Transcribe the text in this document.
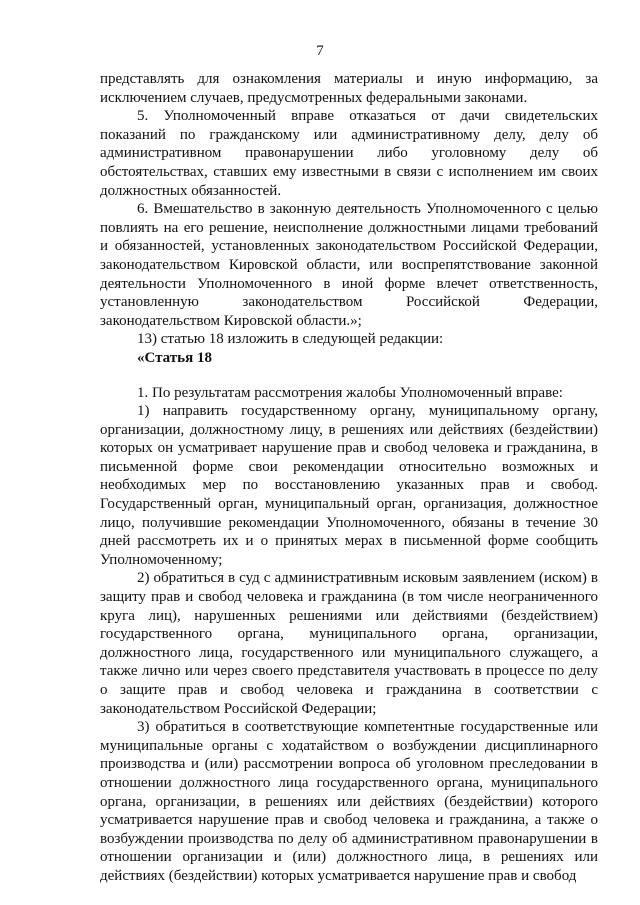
7

представлять для ознакомления материалы и иную информацию, за исключением случаев, предусмотренных федеральными законами.

5. Уполномоченный вправе отказаться от дачи свидетельских показаний по гражданскому или административному делу, делу об административном правонарушении либо уголовному делу об обстоятельствах, ставших ему известными в связи с исполнением им своих должностных обязанностей.

6. Вмешательство в законную деятельность Уполномоченного с целью повлиять на его решение, неисполнение должностными лицами требований и обязанностей, установленных законодательством Российской Федерации, законодательством Кировской области, или воспрепятствование законной деятельности Уполномоченного в иной форме влечет ответственность, установленную законодательством Российской Федерации, законодательством Кировской области.»;

13) статью 18 изложить в следующей редакции:

«Статья 18

1. По результатам рассмотрения жалобы Уполномоченный вправе:

1) направить государственному органу, муниципальному органу, организации, должностному лицу, в решениях или действиях (бездействии) которых он усматривает нарушение прав и свобод человека и гражданина, в письменной форме свои рекомендации относительно возможных и необходимых мер по восстановлению указанных прав и свобод. Государственный орган, муниципальный орган, организация, должностное лицо, получившие рекомендации Уполномоченного, обязаны в течение 30 дней рассмотреть их и о принятых мерах в письменной форме сообщить Уполномоченному;

2) обратиться в суд с административным исковым заявлением (иском) в защиту прав и свобод человека и гражданина (в том числе неограниченного круга лиц), нарушенных решениями или действиями (бездействием) государственного органа, муниципального органа, организации, должностного лица, государственного или муниципального служащего, а также лично или через своего представителя участвовать в процессе по делу о защите прав и свобод человека и гражданина в соответствии с законодательством Российской Федерации;

3) обратиться в соответствующие компетентные государственные или муниципальные органы с ходатайством о возбуждении дисциплинарного производства и (или) рассмотрении вопроса об уголовном преследовании в отношении должностного лица государственного органа, муниципального органа, организации, в решениях или действиях (бездействии) которого усматривается нарушение прав и свобод человека и гражданина, а также о возбуждении производства по делу об административном правонарушении в отношении организации и (или) должностного лица, в решениях или действиях (бездействии) которых усматривается нарушение прав и свобод
